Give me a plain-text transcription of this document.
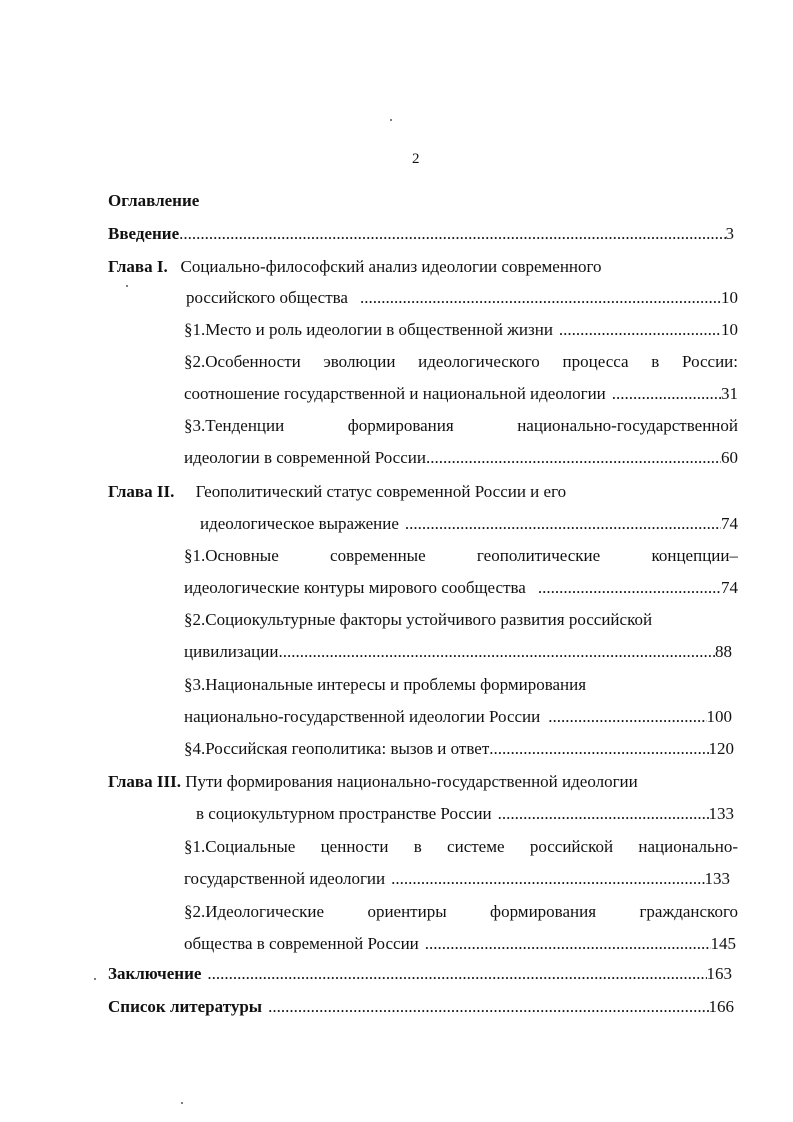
2
Оглавление
Введение .....	3
Глава I. Социально-философский анализ идеологии современного
российского общества .....	10
§1.Место и роль идеологии в общественной жизни .....	10
§2.Особенности эволюции идеологического процесса в России:
соотношение государственной и национальной идеологии .....	31
§3.Тенденции формирования национально-государственной
идеологии в современной России .....	60
Глава II. Геополитический статус современной России и его
идеологическое выражение .....	74
§1.Основные современные геополитические концепции–
идеологические контуры мирового сообщества .....	74
§2.Социокультурные факторы устойчивого развития российской
цивилизации .....	88
§3.Национальные интересы и проблемы формирования
национально-государственной идеологии России .....	100
§4.Российская геополитика: вызов и ответ .....	120
Глава III. Пути формирования национально-государственной идеологии
в социокультурном пространстве России .....	133
§1.Социальные ценности в системе российской национально-
государственной идеологии .....	133
§2.Идеологические ориентиры формирования гражданского
общества в современной России .....	145
Заключение .....	163
Список литературы .....	166
